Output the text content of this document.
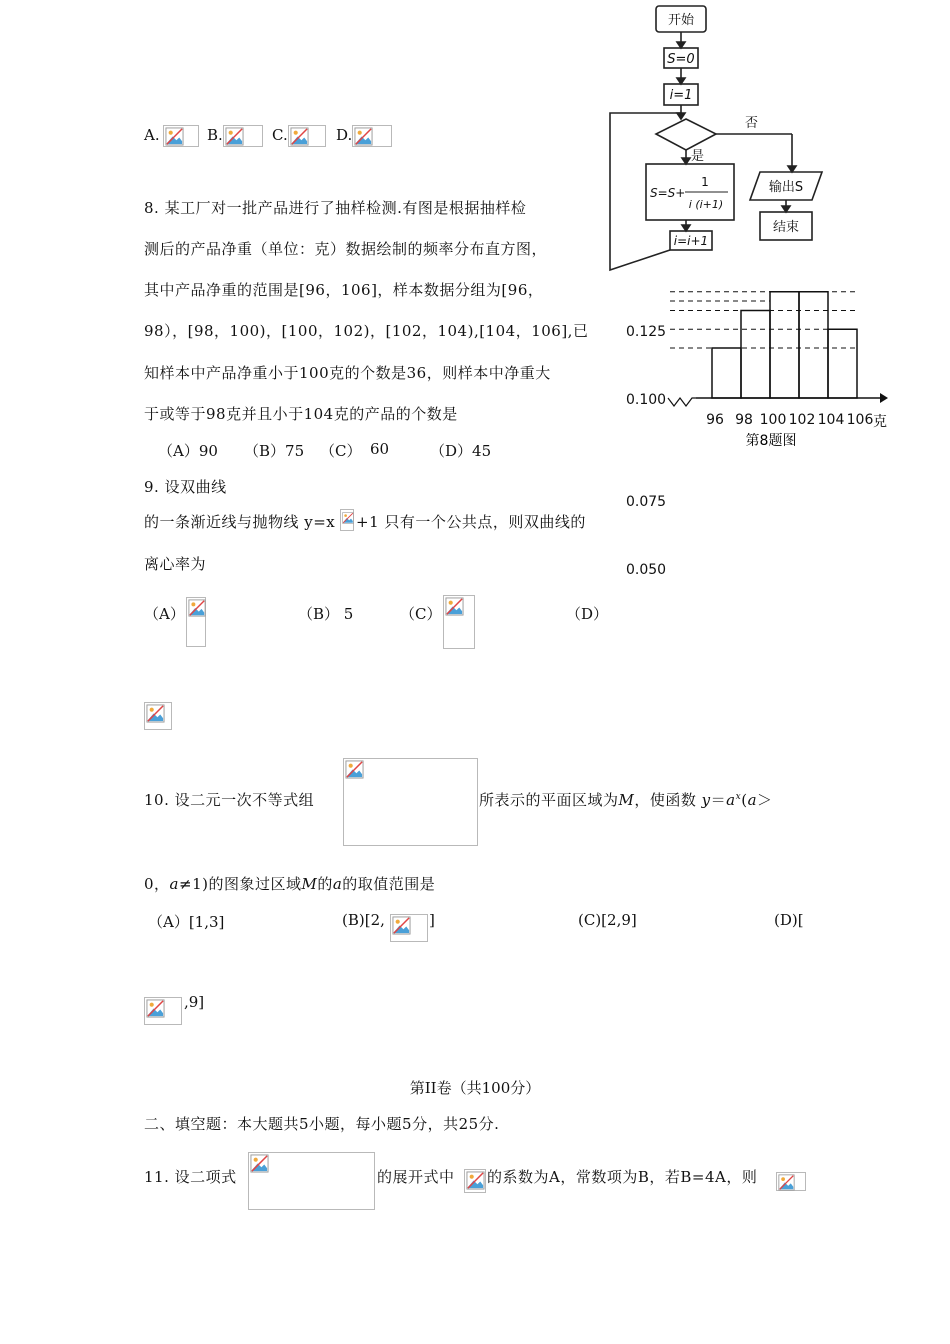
A.	B.	C.	D.
8. 某工厂对一批产品进行了抽样检测.有图是根据抽样检
测后的产品净重（单位：克）数据绘制的频率分布直方图，
其中产品净重的范围是[96，106]，样本数据分组为[96，
98），[98，100)，[100，102)，[102，104),[104，106],已
知样本中产品净重小于100克的个数是36，则样本中净重大
于或等于98克并且小于104克的产品的个数是
（A）90 （B）75 （C） 60	（D）45
9. 设双曲线
的一条渐近线与抛物线 y=x +1 只有一个公共点，则双曲线的
离心率为
（A）	（B） 5	（C）	（D）
10. 设二元一次不等式组	所表示的平面区域为M，使函数 $y=a^x(a>$
0，a≠1)的图象过区域M的a的取值范围是
（A）[1,3]	(B)[2,	]	(C)[2,9]	(D)[
,9]
第II卷（共100分）
二、填空题：本大题共5小题，每小题5分，共25分.
11. 设二项式	的展开式中 的系数为A，常数项为B，若B=4A，则
开始
S=0
i=1
否
是
S=S+
1
i (i+1)
i=i+1
输出S
结束
0.050
0.075
0.100
0.125
96 98 100 102 104 106 克
第8题图
